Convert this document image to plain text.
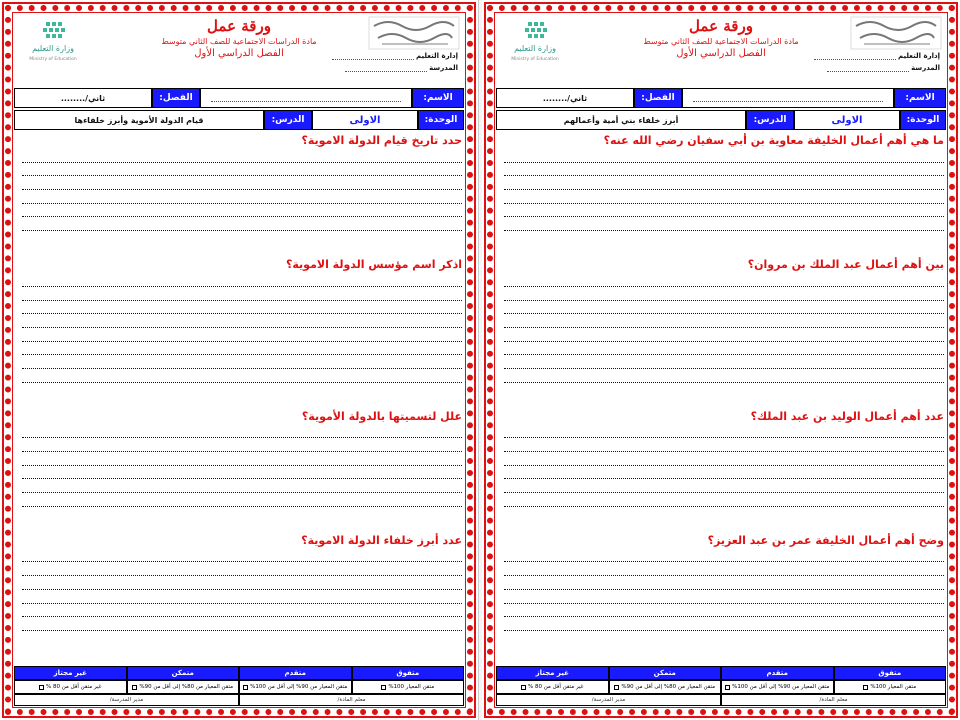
إدارة التعليم
المدرسة
ورقة عمل
مادة الدراسات الاجتماعية للصف الثاني متوسط
الفصل الدراسي الأول
وزارة التعليم
Ministry of Education
الاسم:
الفصل:
ثاني/........
الوحدة:
الاولى
الدرس:
قيام الدولة الأموية وأبرز خلفاءها
حدد تاريخ قيام الدولة الاموية؟
اذكر اسم مؤسس الدولة الاموية؟
علل لتسميتها بالدولة الأموية؟
عدد أبرز خلفاء الدولة الاموية؟
متفوق
متقدم
متمكن
غير مجتاز
متقن المعيار 100%
متقن المعيار من 90% إلى أقل من 100%
متقن المعيار من 80% إلى أقل من 90%
غير متقن أقل من 80 %
معلم المادة/
مدير المدرسة/
إدارة التعليم
المدرسة
ورقة عمل
مادة الدراسات الاجتماعية للصف الثاني متوسط
الفصل الدراسي الأول
وزارة التعليم
Ministry of Education
الاسم:
الفصل:
ثاني/........
الوحدة:
الاولى
الدرس:
أبرز خلفاء بني أمية وأعمالهم
ما هي أهم أعمال الخليفة معاوية بن أبي سفيان رضي الله عنه؟
بين أهم أعمال عبد الملك بن مروان؟
عدد أهم أعمال الوليد بن عبد الملك؟
وضح أهم أعمال الخليفة عمر بن عبد العزيز؟
متفوق
متقدم
متمكن
غير مجتاز
متقن المعيار 100%
متقن المعيار من 90% إلى أقل من 100%
متقن المعيار من 80% إلى أقل من 90%
غير متقن أقل من 80 %
معلم المادة/
مدير المدرسة/
